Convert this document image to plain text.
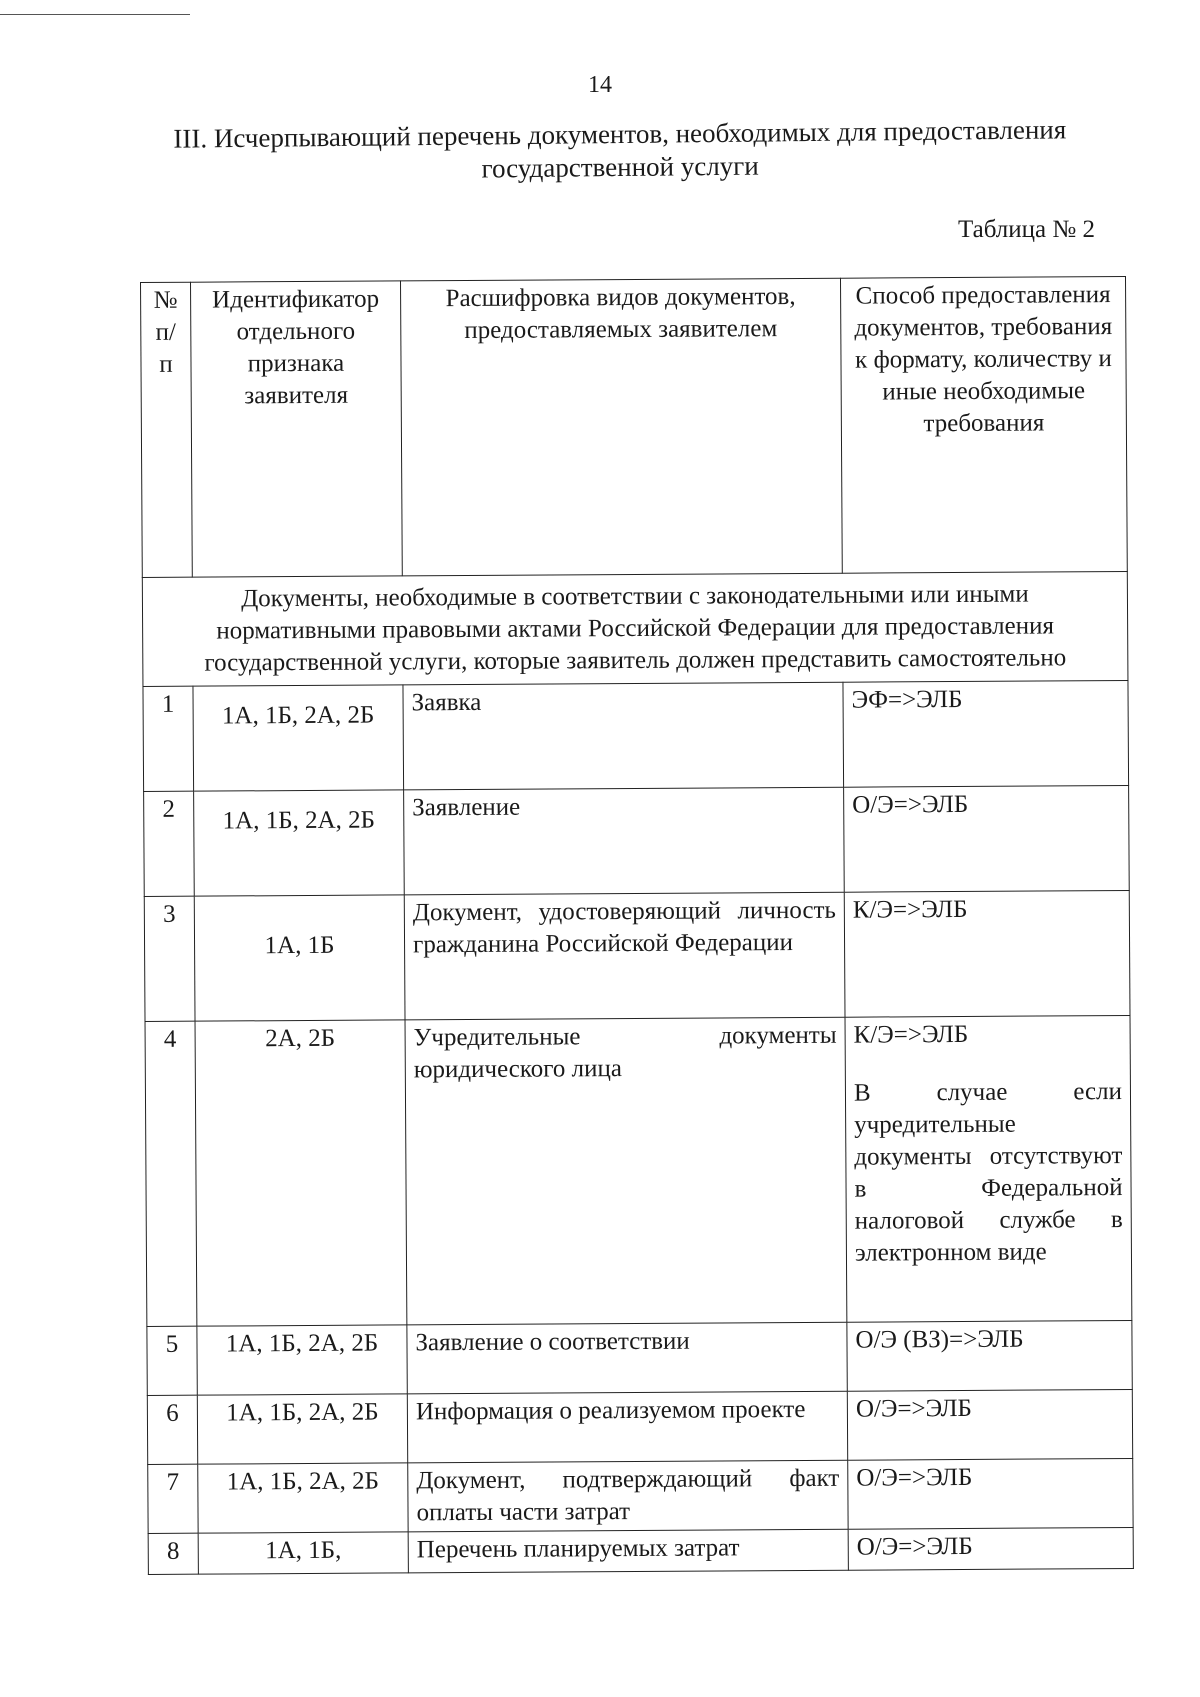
14
III. Исчерпывающий перечень документов, необходимых для предоставления
государственной услуги
Таблица № 2
№ п/п	Идентификатор отдельного признака заявителя	Расшифровка видов документов, предоставляемых заявителем	Способ предоставления документов, требования к формату, количеству и иные необходимые требования
Документы, необходимые в соответствии с законодательными или иными нормативными правовыми актами Российской Федерации для предоставления государственной услуги, которые заявитель должен представить самостоятельно			
1	1А, 1Б, 2А, 2Б	Заявка	ЭФ=>ЭЛБ
2	1А, 1Б, 2А, 2Б	Заявление	О/Э=>ЭЛБ
3	1А, 1Б	Документ, удостоверяющий личность гражданина Российской Федерации	К/Э=>ЭЛБ
4	2А, 2Б	Учредительные документы юридического лица	К/Э=>ЭЛБ
В случае если учредительные документы отсутствуют в Федеральной налоговой службе в электронном виде

5	1А, 1Б, 2А, 2Б	Заявление о соответствии	О/Э (ВЗ)=>ЭЛБ
6	1А, 1Б, 2А, 2Б	Информация о реализуемом проекте	О/Э=>ЭЛБ
7	1А, 1Б, 2А, 2Б	Документ, подтверждающий факт оплаты части затрат	О/Э=>ЭЛБ
8	1А, 1Б,	Перечень планируемых затрат	О/Э=>ЭЛБ
